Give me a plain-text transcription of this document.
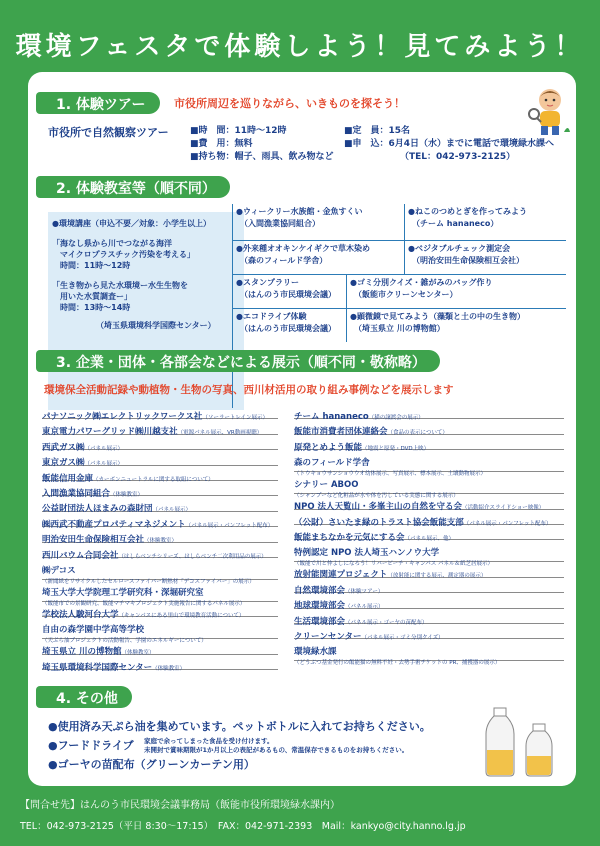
環境フェスタで体験しよう！見てみよう！
1. 体験ツアー	市役所周辺を巡りながら、いきものを探そう！
市役所で自然観察ツアー ■時　間：11時～12時
■費　用：無料
■持ち物：帽子、雨具、飲み物など
■定　員：15名
■申　込：6月4日（水）までに電話で環境緑水課へ
（TEL：042-973-2125）
2. 体験教室等（順不同）
●環境講座（申込不要／対象：小学生以上）
「海なし県から川でつながる海洋
マイクロプラスチック汚染を考える」
時間：11時～12時
「生き物から見た水環境ー水生生物を
用いた水質調査ー」
時間：13時～14時
（埼玉県環境科学国際センター）
●ウィークリー水族館・金魚すくい
（入間漁業協同組合）
●ねこのつめとぎを作ってみよう
（チーム hananeco）
●外来種オオキンケイギクで草木染め
（森のフィールド学舎）
●ベジタブルチェック測定会
（明治安田生命保険相互会社）
●スタンプラリー
（はんのう市民環境会議）
●ゴミ分別クイズ・雑がみのバッグ作り
（飯能市クリーンセンター）
●エコドライブ体験
（はんのう市民環境会議）
●顕微鏡で見てみよう（藻類と土の中の生き物）
（埼玉県立 川の博物館）
3. 企業・団体・各部会などによる展示（順不同・敬称略）
環境保全活動記録や動植物・生物の写真、西川材活用の取り組み事例などを展示します
パナソニック㈱エレクトリックワークス社（ソーラートレイン展示）
東京電力パワーグリッド㈱川越支社（電源パネル展示、VR動画視聴）
西武ガス㈱（パネル展示）
東京ガス㈱（パネル展示）
飯能信用金庫（カーボンニュートラルに関する取組について）
入間漁業協同組合（体験教室）
公益財団法人ほまみの森財団（パネル展示）
㈱西武不動産プロパティマネジメント（パネル展示・パンフレット配布）
明治安田生命保険相互会社（体験教室）
西川バウム合同会社（はしらベンチシリーズ、はしらベンチ二次利用品の展示）
㈱デコス
（新聞紙をリサイクルしたセルロースファイバー断熱材「デコスファイバー」の展示）
埼玉大学大学院理工学研究科・深堀研究室
（飯能市での景観研究、飯能マチマキプロジェクト実施報告に関するパネル展示）
学校法人駿河台大学（キャンパスにある里山で環境教育活動について）
自由の森学園中学高等学校
（天ぷら油プロジェクトの活動報告、学園のエネルギーについて）
埼玉県立 川の博物館（体験教室）
埼玉県環境科学国際センター（体験教室）
チーム hananeco（猫の譲渡会の展示）
飯能市消費者団体連絡会（食品の表示について）
原発とめよう飯能（地震と原発・DVD上映）
森のフィールド学舎
（トウキョウサンショウウオ幼体展示、写真展示、標本展示、土壌動物展示）
シナリー ABOO
（シャンプーなど化粧品が水や体を汚している実態に関する展示）
NPO 法人天覧山・多峯主山の自然を守る会（活動紹介スライドショー映像）
（公財）さいたま緑のトラスト協会飯能支部（パネル展示・パンフレット配布）
飯能まちなかを元気にする会（パネル展示、他）
特例認定 NPO 法人埼玉ハンノウ大学
（飯能で川と仲よしになろう！リバーピーチ・キャンパス パネル＆紙芝居展示）
放射能関連プロジェクト（放射能に関する展示、測定器の展示）
自然環境部会（体験ツアー）
地球環境部会（パネル展示）
生活環境部会（パネル展示・ゴーヤの苗配布）
クリーンセンター（パネル展示・ゴミ分別クイズ）
環境緑水課
（どうぶつ基金発行の飯能猫の無料不妊・去勢手術チケットの PR、捕獲器の展示）
4. その他
●使用済み天ぷら油を集めています。ペットボトルに入れてお持ちください。
●フードドライブ 家庭で余ってしまった食品を受け付けます。
未開封で賞味期限が1か月以上の表記があるもの、常温保存できるものをお持ちください。
●ゴーヤの苗配布（グリーンカーテン用）
【問合せ先】はんのう市民環境会議事務局（飯能市役所環境緑水課内）
TEL：042-973-2125（平日 8:30～17:15）　FAX：042-971-2393　Mail：kankyo@city.hanno.lg.jp
